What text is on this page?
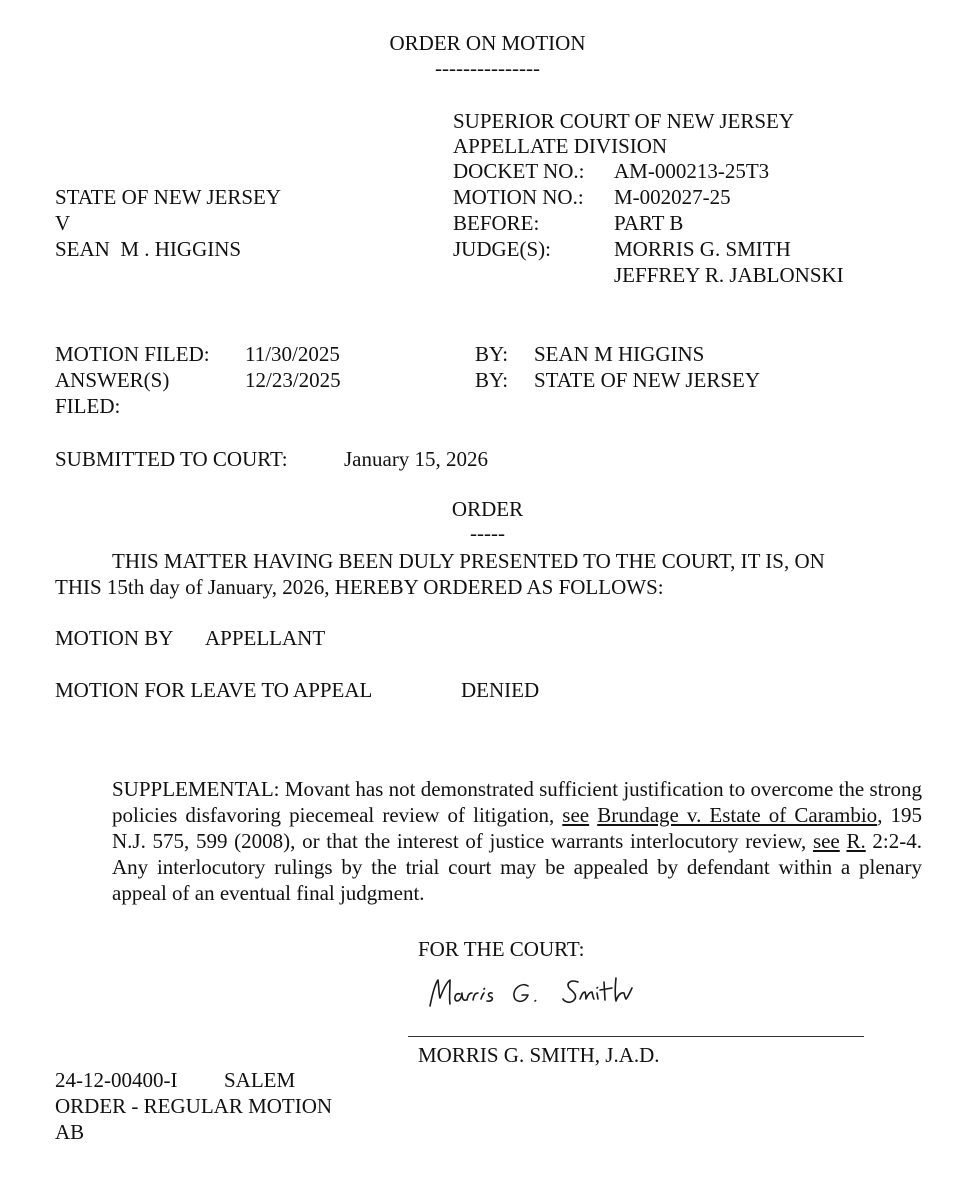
ORDER ON MOTION
---------------
SUPERIOR COURT OF NEW JERSEY
APPELLATE DIVISION
DOCKET NO.: AM-000213-25T3
MOTION NO.: M-002027-25
BEFORE:	PART B
JUDGE(S):	MORRIS G. SMITH
JEFFREY R. JABLONSKI
STATE OF NEW JERSEY
V
SEAN  M . HIGGINS
MOTION FILED: 11/30/2025	BY: SEAN M HIGGINS
ANSWER(S)	12/23/2025	BY: STATE OF NEW JERSEY
FILED:
SUBMITTED TO COURT:	January 15, 2026
ORDER
-----
THIS MATTER HAVING BEEN DULY PRESENTED TO THE COURT, IT IS, ON
THIS 15th day of January, 2026, HEREBY ORDERED AS FOLLOWS:
MOTION BY APPELLANT
MOTION FOR LEAVE TO APPEAL	DENIED
SUPPLEMENTAL: Movant has not demonstrated sufficient justification to overcome the strong policies disfavoring piecemeal review of litigation, see Brundage v. Estate of Carambio, 195 N.J. 575, 599 (2008), or that the interest of justice warrants interlocutory review, see R. 2:2-4. Any interlocutory rulings by the trial court may be appealed by defendant within a plenary appeal of an eventual final judgment.
FOR THE COURT:
MORRIS G. SMITH, J.A.D.
24-12-00400-I SALEM
ORDER - REGULAR MOTION
AB
